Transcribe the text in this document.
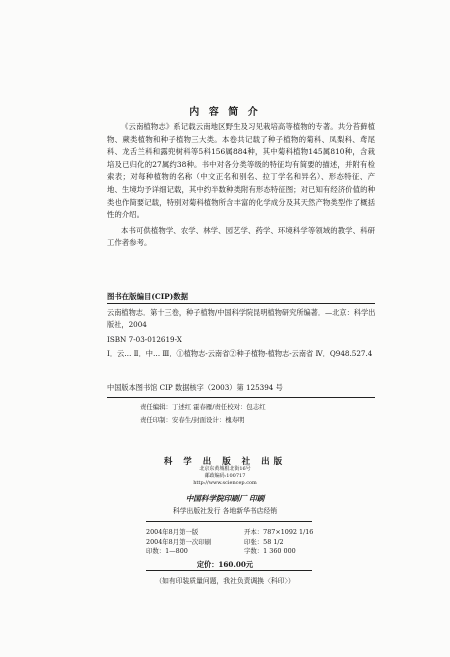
内 容 简 介

《云南植物志》系记载云南地区野生及习见栽培高等植物的专著。共分苔藓植物、蕨类植物和种子植物三大类。本卷共记载了种子植物的菊科、凤梨科、鸢尾科、龙舌兰科和露兜树科等5科156属884种，其中菊科植物145属810种，含栽培及已归化的27属约38种。书中对各分类等级的特征均有简要的描述，并附有检索表；对每种植物的名称（中文正名和别名、拉丁学名和异名）、形态特征、产地、生境均予详细记载，其中约半数种类附有形态特征图；对已知有经济价值的种类也作简要记载，特别对菊科植物所含丰富的化学成分及其天然产物类型作了概括性的介绍。

本书可供植物学、农学、林学、园艺学、药学、环境科学等领域的教学、科研工作者参考。

图书在版编目(CIP)数据
云南植物志．第十三卷，种子植物/中国科学院昆明植物研究所编著．—北京：科学出版社，2004
ISBN 7-03-012619-X
Ⅰ．云… Ⅱ．中… Ⅲ．①植物志-云南省②种子植物-植物志-云南省 Ⅳ．Q948.527.4
中国版本图书馆 CIP 数据核字（2003）第 125394 号
责任编辑：丁述红 霍春雁/责任校对：包志红
责任印制：安春生/封面设计：槐寿明
科 学 出 版 社 出版
北京东黄城根北街16号
邮政编码:100717
http://www.sciencep.com
中国科学院印刷厂 印刷
科学出版社发行 各地新华书店经销
2004年8月第一版	开本：787×1092 1/16
2004年8月第一次印刷	印张：58 1/2
印数：1—800	字数：1 360 000
定价：160.00元
（如有印装质量问题，我社负责调换〈科印〉）
